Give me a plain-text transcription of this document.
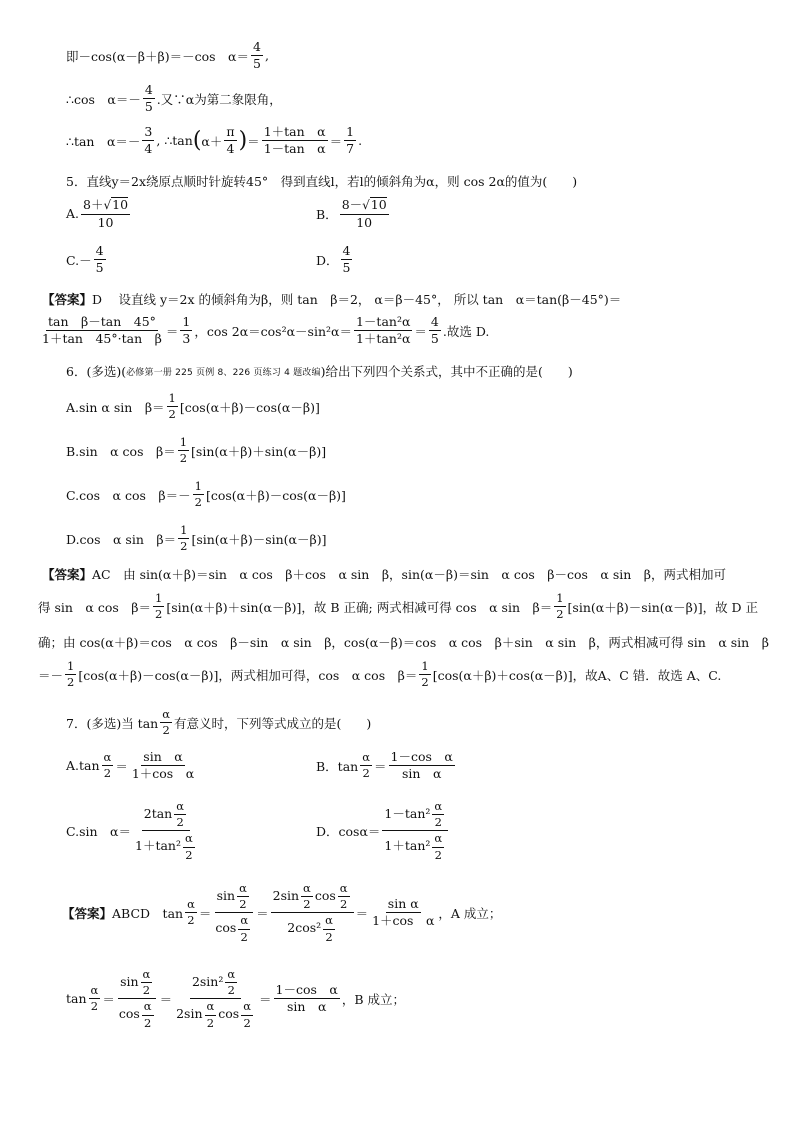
即－cos(α－β＋β)＝－cos　$\alpha= \frac{4}{5}$ ,
∴cos　$\alpha=- \frac{4}{5}$ .又∵α为第二象限角，
∴tan　$\alpha=- \frac{3}{4}$ , ∴tan ( $\alpha+ \frac{\pi}{4}$ ) ＝ $\frac{\text{1＋tan　α}}{\text{1－tan　α}} = \frac{1}{7}$ .
5．直线y＝2x绕原点顺时针旋转45°　得到直线l，若l的倾斜角为α，则 cos 2α的值为(　　)
A. $\frac{8+√10}{10}$	B． $\frac{8-√10}{10}$
$C.- \frac{4}{5}$	D． $\frac{4}{5}$
【答案】 D　 设直线 y＝2x 的倾斜角为β，则 tan　β＝2， α＝β－45°， 所以 tan　α＝tan(β－45°)＝
$\frac{\text{tan　β－tan　45°}}{\text{1＋tan　45°·tan　β}} = \frac{1}{3}$ ，$\cos 2\alpha=\cos^2\alpha-\sin^2\alpha= \frac{\text{1－tan²α}}{\text{1＋tan²α}} = \frac{4}{5}$ .故选 D.
6．(多选)( 必修第一册 225 页例 8、226 页练习 4 题改编 )给出下列四个关系式，其中不正确的是(　　)
A.sin α sin　$\beta= \frac{1}{2} [\cos(\alpha+\beta)-\cos(\alpha-\beta)]$
B.sin　α cos　$\beta= \frac{1}{2} [\sin(\alpha+\beta)+\sin(\alpha-\beta)]$
C.cos　α cos　$\beta=- \frac{1}{2} [\cos(\alpha+\beta)-\cos(\alpha-\beta)]$
D.cos　α sin　$\beta= \frac{1}{2} [\sin(\alpha+\beta)-\sin(\alpha-\beta)]$
【答案】 AC　由 sin(α＋β)＝sin　α cos　β＋cos　α sin　β，sin(α－β)＝sin　α cos　β－cos　α sin　β，两式相加可
得 sin　α cos　$\beta= \frac{1}{2} [\sin(\alpha+\beta)+\sin(\alpha-\beta)]$，故 B 正确; 两式相减可得 cos　α sin　$\beta= \frac{1}{2} [\sin(\alpha+\beta)-\sin(\alpha-\beta)]$，故 D 正
确；由 cos(α＋β)＝cos　α cos　β－sin　α sin　β，cos(α－β)＝cos　α cos　β＋sin　α sin　β，两式相减可得 sin　α sin　β
＝－ $\frac{1}{2} [\cos(\alpha+\beta)-\cos(\alpha-\beta)]$，两式相加可得，cos　α cos　$\beta= \frac{1}{2} [\cos(\alpha+\beta)+\cos(\alpha-\beta)]$，故A、C 错．故选 A、C.
7．(多选)当 $\tan \frac{\alpha}{2}$ 有意义时，下列等式成立的是(　　)
$A.\tan \frac{\alpha}{2} = \frac{\text{sin　α}}{\text{1＋cos　α}}$	B．$\tan \frac{\alpha}{2} = \frac{\text{1－cos　α}}{\text{sin　α}}$
C.sin　$\alpha= \frac{2\tan \frac{\alpha}{2}}{1+\tan^2 \frac{\alpha}{2}}$	D．$\cos\alpha= \frac{1-\tan^2 \frac{\alpha}{2}}{1+\tan^2 \frac{\alpha}{2}}$
【答案】 ABCD　$\tan \frac{\alpha}{2} = \frac{\sin \frac{\alpha}{2}}{\cos \frac{\alpha}{2}} = \frac{2\sin \frac{\alpha}{2} \cos \frac{\alpha}{2}}{2\cos^2 \frac{\alpha}{2}} = \frac{\text{sin α}}{\text{1＋cos　α}}$ ，A 成立；
$\tan \frac{\alpha}{2} = \frac{\sin \frac{\alpha}{2}}{\cos \frac{\alpha}{2}} = \frac{2\sin^2 \frac{\alpha}{2}}{2\sin \frac{\alpha}{2} \cos \frac{\alpha}{2}} = \frac{\text{1－cos　α}}{\text{sin　α}}$ ，B 成立；
